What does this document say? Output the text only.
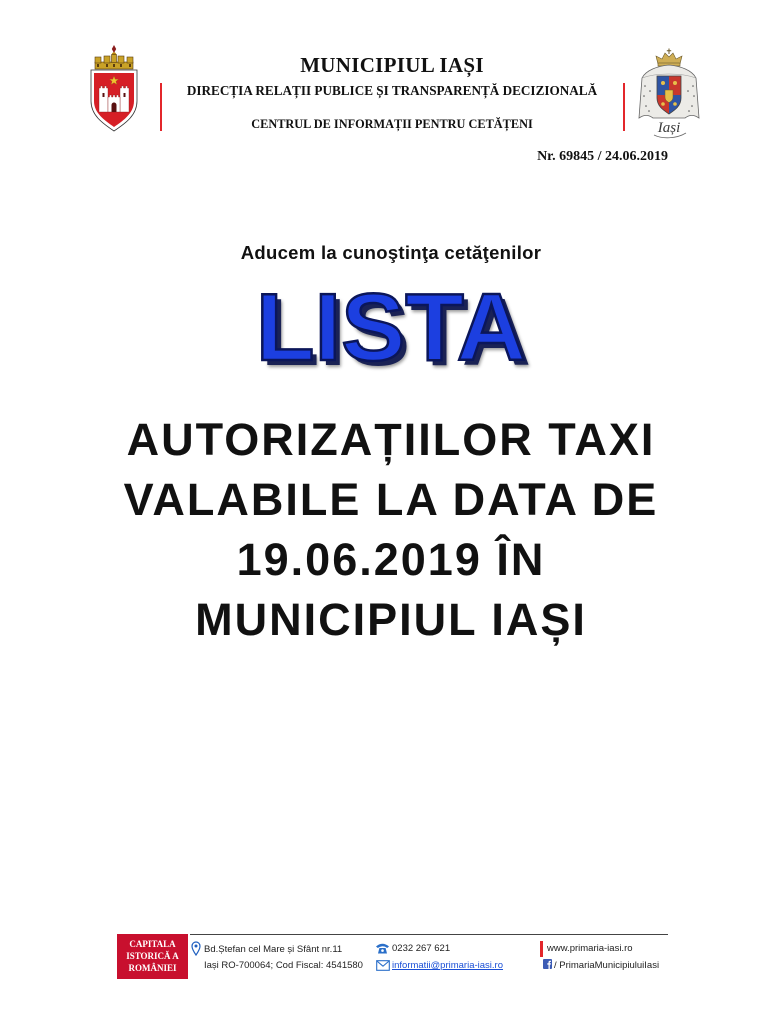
MUNICIPIUL IAȘI
DIRECȚIA RELAȚII PUBLICE ȘI TRANSPARENȚĂ DECIZIONALĂ
CENTRUL DE INFORMAȚII PENTRU CETĂȚENI	Iași
Nr. 69845 / 24.06.2019
Aducem la cunoştinţa cetăţenilor
LISTA
AUTORIZAȚIILOR TAXI
VALABILE LA DATA DE
19.06.2019 ÎN
MUNICIPIUL IAȘI
CAPITALA
ISTORICĂ A
ROMÂNIEI
Bd.Ștefan cel Mare și Sfânt nr.11
Iași RO-700064; Cod Fiscal: 4541580
0232 267 621
informatii@primaria-iasi.ro
www.primaria-iasi.ro
/ PrimariaMunicipiuluiIasi
